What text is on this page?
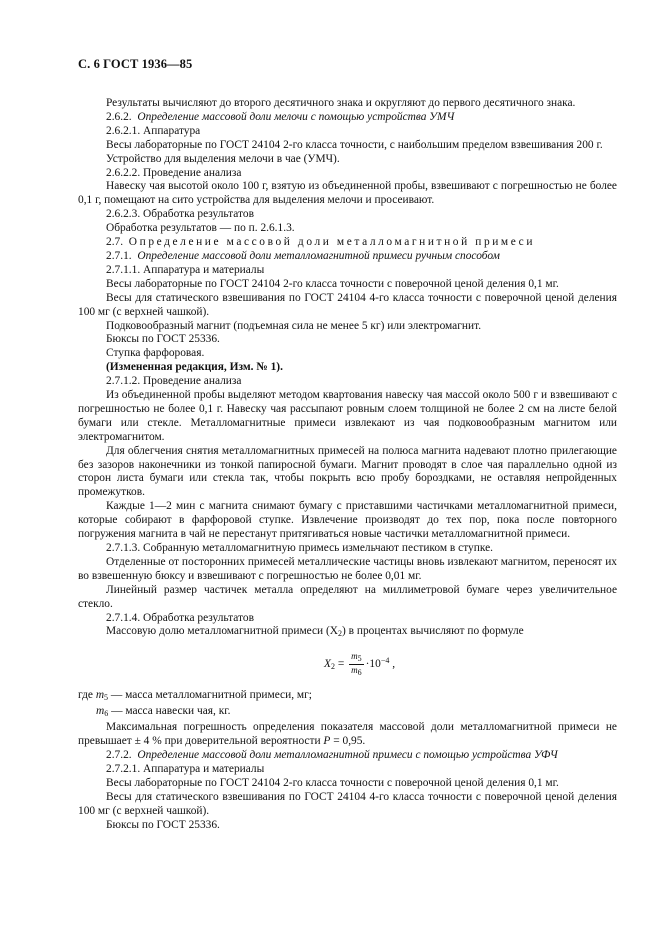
С. 6 ГОСТ 1936—85

Результаты вычисляют до второго десятичного знака и округляют до первого десятичного знака.

2.6.2. Определение массовой доли мелочи с помощью устройства УМЧ

2.6.2.1. Аппаратура

Весы лабораторные по ГОСТ 24104 2-го класса точности, с наибольшим пределом взвешивания 200 г.

Устройство для выделения мелочи в чае (УМЧ).

2.6.2.2. Проведение анализа

Навеску чая высотой около 100 г, взятую из объединенной пробы, взвешивают с погрешностью не более 0,1 г, помещают на сито устройства для выделения мелочи и просеивают.

2.6.2.3. Обработка результатов

Обработка результатов — по п. 2.6.1.3.

2.7. Определение массовой доли металломагнитной примеси

2.7.1. Определение массовой доли металломагнитной примеси ручным способом

2.7.1.1. Аппаратура и материалы

Весы лабораторные по ГОСТ 24104 2-го класса точности с поверочной ценой деления 0,1 мг.

Весы для статического взвешивания по ГОСТ 24104 4-го класса точности с поверочной ценой деления 100 мг (с верхней чашкой).

Подковообразный магнит (подъемная сила не менее 5 кг) или электромагнит.

Бюксы по ГОСТ 25336.

Ступка фарфоровая.

(Измененная редакция, Изм. № 1).

2.7.1.2. Проведение анализа

Из объединенной пробы выделяют методом квартования навеску чая массой около 500 г и взвешивают с погрешностью не более 0,1 г. Навеску чая рассыпают ровным слоем толщиной не более 2 см на листе белой бумаги или стекле. Металломагнитные примеси извлекают из чая подковообразным магнитом или электромагнитом.

Для облегчения снятия металломагнитных примесей на полюса магнита надевают плотно прилегающие без зазоров наконечники из тонкой папиросной бумаги. Магнит проводят в слое чая параллельно одной из сторон листа бумаги или стекла так, чтобы покрыть всю пробу бороздками, не оставляя непройденных промежутков.

Каждые 1—2 мин с магнита снимают бумагу с приставшими частичками металломагнитной примеси, которые собирают в фарфоровой ступке. Извлечение производят до тех пор, пока после повторного погружения магнита в чай не перестанут притягиваться новые частички металломагнитной примеси.

2.7.1.3. Собранную металломагнитную примесь измельчают пестиком в ступке.

Отделенные от посторонних примесей металлические частицы вновь извлекают магнитом, переносят их во взвешенную бюксу и взвешивают с погрешностью не более 0,01 мг.

Линейный размер частичек металла определяют на миллиметровой бумаге через увеличительное стекло.

2.7.1.4. Обработка результатов

Массовую долю металломагнитной примеси $(X_2)$ в процентах вычисляют по формуле

$X_2 = \frac{m_5}{m_6} \cdot 10^{-4}$ ,

где $m_5$ — масса металломагнитной примеси, мг;

$m_6$ — масса навески чая, кг.

Максимальная погрешность определения показателя массовой доли металломагнитной примеси не превышает ± 4 % при доверительной вероятности P = 0,95.

2.7.2. Определение массовой доли металломагнитной примеси с помощью устройства УФЧ

2.7.2.1. Аппаратура и материалы

Весы лабораторные по ГОСТ 24104 2-го класса точности с поверочной ценой деления 0,1 мг.

Весы для статического взвешивания по ГОСТ 24104 4-го класса точности с поверочной ценой деления 100 мг (с верхней чашкой).

Бюксы по ГОСТ 25336.
